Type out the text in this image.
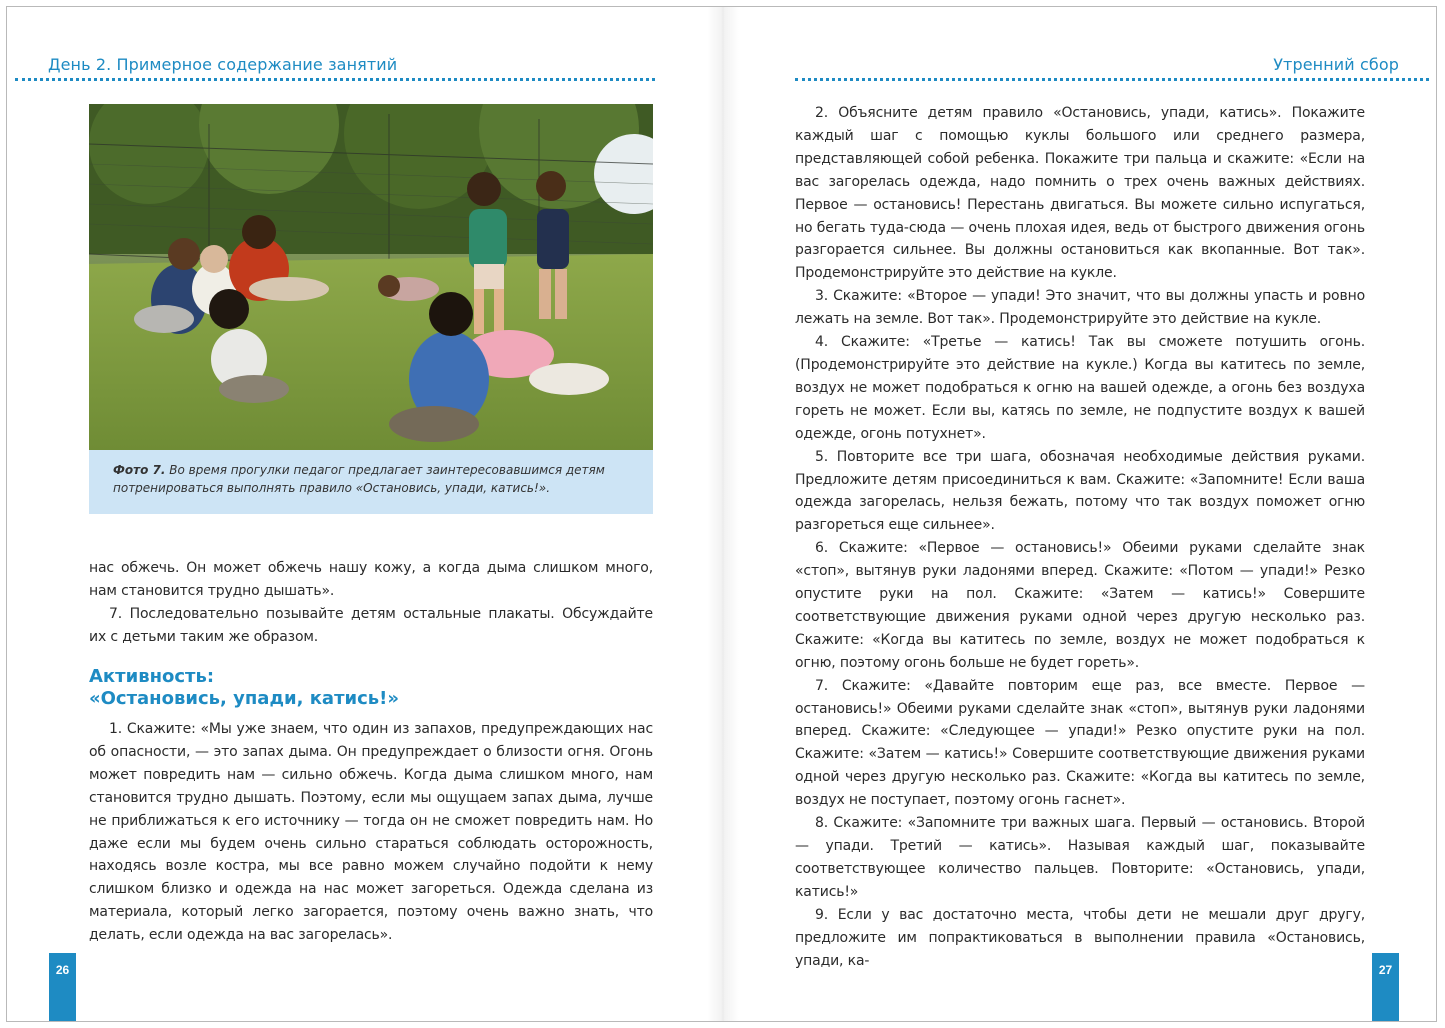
День 2. Примерное содержание занятий
Фото 7. Во время прогулки педагог предлагает заинтересовавшимся детям потренироваться выполнять правило «Остановись, упади, катись!».

нас обжечь. Он может обжечь нашу кожу, а когда дыма слишком много, нам становится трудно дышать».

7. Последовательно позывайте детям остальные плакаты. Обсуждайте их с детьми таким же образом.

Активность:
«Остановись, упади, катись!»

1. Скажите: «Мы уже знаем, что один из запахов, предупреждающих нас об опасности, — это запах дыма. Он предупреждает о близости огня. Огонь может повредить нам — сильно обжечь. Когда дыма слишком много, нам становится трудно дышать. Поэтому, если мы ощущаем запах дыма, лучше не приближаться к его источнику — тогда он не сможет повредить нам. Но даже если мы будем очень сильно стараться соблюдать осторожность, находясь возле костра, мы все равно можем случайно подойти к нему слишком близко и одежда на нас может загореться. Одежда сделана из материала, который легко загорается, поэтому очень важно знать, что делать, если одежда на вас загорелась».

26
Утренний сбор

2. Объясните детям правило «Остановись, упади, катись». Покажите каждый шаг с помощью куклы большого или среднего размера, представляющей собой ребенка. Покажите три пальца и скажите: «Если на вас загорелась одежда, надо помнить о трех очень важных действиях. Первое — остановись! Перестань двигаться. Вы можете сильно испугаться, но бегать туда-сюда — очень плохая идея, ведь от быстрого движения огонь разгорается сильнее. Вы должны остановиться как вкопанные. Вот так». Продемонстрируйте это действие на кукле.

3. Скажите: «Второе — упади! Это значит, что вы должны упасть и ровно лежать на земле. Вот так». Продемонстрируйте это действие на кукле.

4. Скажите: «Третье — катись! Так вы сможете потушить огонь. (Продемонстрируйте это действие на кукле.) Когда вы катитесь по земле, воздух не может подобраться к огню на вашей одежде, а огонь без воздуха гореть не может. Если вы, катясь по земле, не подпустите воздух к вашей одежде, огонь потухнет».

5. Повторите все три шага, обозначая необходимые действия руками. Предложите детям присоединиться к вам. Скажите: «Запомните! Если ваша одежда загорелась, нельзя бежать, потому что так воздух поможет огню разгореться еще сильнее».

6. Скажите: «Первое — остановись!» Обеими руками сделайте знак «стоп», вытянув руки ладонями вперед. Скажите: «Потом — упади!» Резко опустите руки на пол. Скажите: «Затем — катись!» Совершите соответствующие движения руками одной через другую несколько раз. Скажите: «Когда вы катитесь по земле, воздух не может подобраться к огню, поэтому огонь больше не будет гореть».

7. Скажите: «Давайте повторим еще раз, все вместе. Первое — остановись!» Обеими руками сделайте знак «стоп», вытянув руки ладонями вперед. Скажите: «Следующее — упади!» Резко опустите руки на пол. Скажите: «Затем — катись!» Совершите соответствующие движения руками одной через другую несколько раз. Скажите: «Когда вы катитесь по земле, воздух не поступает, поэтому огонь гаснет».

8. Скажите: «Запомните три важных шага. Первый — остановись. Второй — упади. Третий — катись». Называя каждый шаг, показывайте соответствующее количество пальцев. Повторите: «Остановись, упади, катись!»

9. Если у вас достаточно места, чтобы дети не мешали друг другу, предложите им попрактиковаться в выполнении правила «Остановись, упади, ка-

27
